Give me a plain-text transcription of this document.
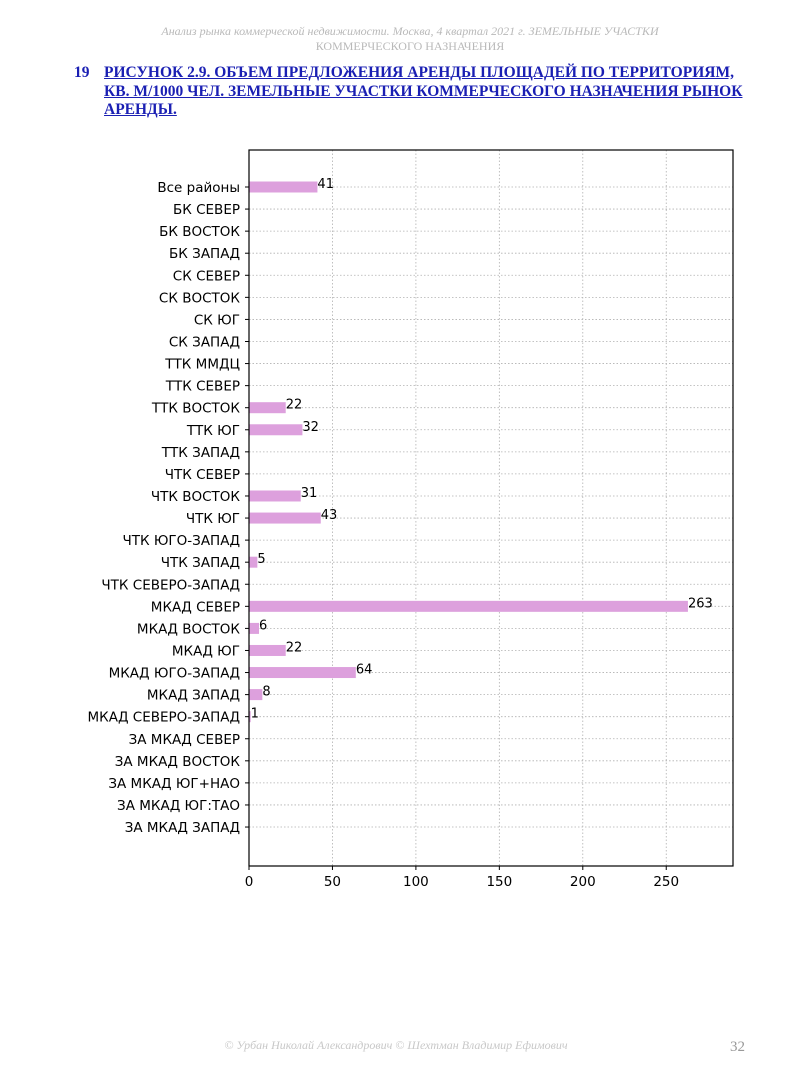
Анализ рынка коммерческой недвижимости. Москва, 4 квартал 2021 г. ЗЕМЕЛЬНЫЕ УЧАСТКИ
КОММЕРЧЕСКОГО НАЗНАЧЕНИЯ
19 РИСУНОК 2.9. ОБЪЕМ ПРЕДЛОЖЕНИЯ АРЕНДЫ ПЛОЩАДЕЙ ПО ТЕРРИТОРИЯМ, КВ. М/1000 ЧЕЛ. ЗЕМЕЛЬНЫЕ УЧАСТКИ КОММЕРЧЕСКОГО НАЗНАЧЕНИЯ РЫНОК АРЕНДЫ.
41
22
32
31
43
5
263
6
22
64
8
1
Все районы
БК СЕВЕР
БК ВОСТОК
БК ЗАПАД
СК СЕВЕР
СК ВОСТОК
СК ЮГ
СК ЗАПАД
ТТК ММДЦ
ТТК СЕВЕР
ТТК ВОСТОК
ТТК ЮГ
ТТК ЗАПАД
ЧТК СЕВЕР
ЧТК ВОСТОК
ЧТК ЮГ
ЧТК ЮГО-ЗАПАД
ЧТК ЗАПАД
ЧТК СЕВЕРО-ЗАПАД
МКАД СЕВЕР
МКАД ВОСТОК
МКАД ЮГ
МКАД ЮГО-ЗАПАД
МКАД ЗАПАД
МКАД СЕВЕРО-ЗАПАД
ЗА МКАД СЕВЕР
ЗА МКАД ВОСТОК
ЗА МКАД ЮГ+НАО
ЗА МКАД ЮГ:ТАО
ЗА МКАД ЗАПАД
0	50	100	150	200	250
© Урбан Николай Александрович © Шехтман Владимир Ефимович	32
